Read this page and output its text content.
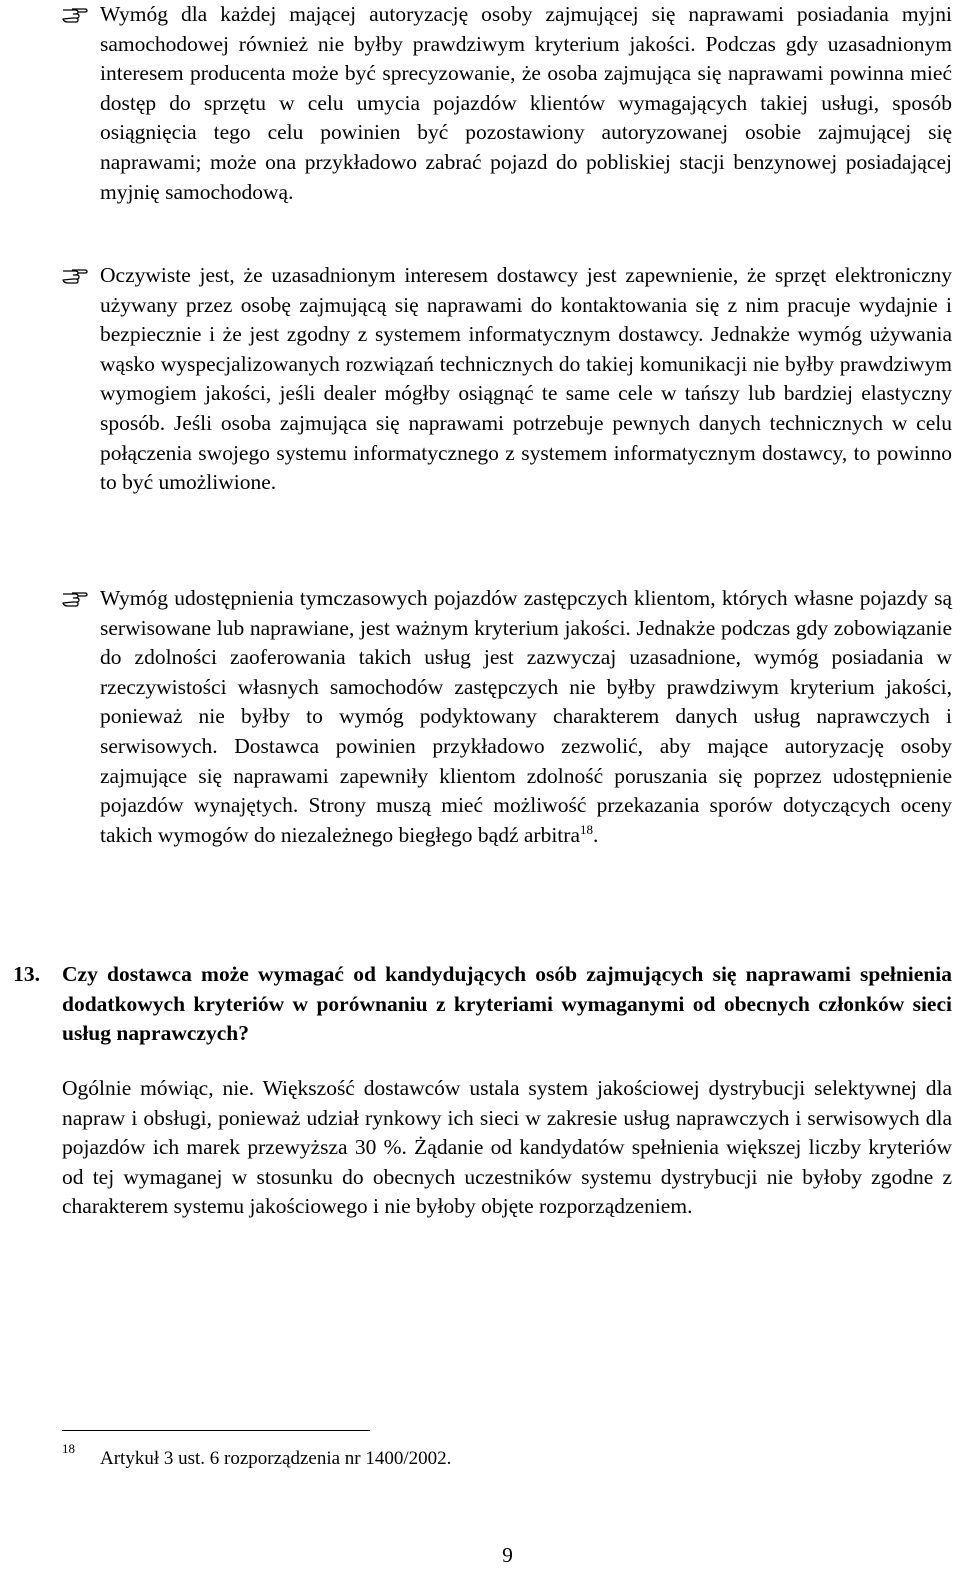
Wymóg dla każdej mającej autoryzację osoby zajmującej się naprawami posiadania myjni samochodowej również nie byłby prawdziwym kryterium jakości. Podczas gdy uzasadnionym interesem producenta może być sprecyzowanie, że osoba zajmująca się naprawami powinna mieć dostęp do sprzętu w celu umycia pojazdów klientów wymagających takiej usługi, sposób osiągnięcia tego celu powinien być pozostawiony autoryzowanej osobie zajmującej się naprawami; może ona przykładowo zabrać pojazd do pobliskiej stacji benzynowej posiadającej myjnię samochodową.
Oczywiste jest, że uzasadnionym interesem dostawcy jest zapewnienie, że sprzęt elektroniczny używany przez osobę zajmującą się naprawami do kontaktowania się z nim pracuje wydajnie i bezpiecznie i że jest zgodny z systemem informatycznym dostawcy. Jednakże wymóg używania wąsko wyspecjalizowanych rozwiązań technicznych do takiej komunikacji nie byłby prawdziwym wymogiem jakości, jeśli dealer mógłby osiągnąć te same cele w tańszy lub bardziej elastyczny sposób. Jeśli osoba zajmująca się naprawami potrzebuje pewnych danych technicznych w celu połączenia swojego systemu informatycznego z systemem informatycznym dostawcy, to powinno to być umożliwione.
Wymóg udostępnienia tymczasowych pojazdów zastępczych klientom, których własne pojazdy są serwisowane lub naprawiane, jest ważnym kryterium jakości. Jednakże podczas gdy zobowiązanie do zdolności zaoferowania takich usług jest zazwyczaj uzasadnione, wymóg posiadania w rzeczywistości własnych samochodów zastępczych nie byłby prawdziwym kryterium jakości, ponieważ nie byłby to wymóg podyktowany charakterem danych usług naprawczych i serwisowych. Dostawca powinien przykładowo zezwolić, aby mające autoryzację osoby zajmujące się naprawami zapewniły klientom zdolność poruszania się poprzez udostępnienie pojazdów wynajętych. Strony muszą mieć możliwość przekazania sporów dotyczących oceny takich wymogów do niezależnego biegłego bądź arbitra$^{18}$.
13. Czy dostawca może wymagać od kandydujących osób zajmujących się naprawami spełnienia dodatkowych kryteriów w porównaniu z kryteriami wymaganymi od obecnych członków sieci usług naprawczych?
Ogólnie mówiąc, nie. Większość dostawców ustala system jakościowej dystrybucji selektywnej dla napraw i obsługi, ponieważ udział rynkowy ich sieci w zakresie usług naprawczych i serwisowych dla pojazdów ich marek przewyższa 30 %. Żądanie od kandydatów spełnienia większej liczby kryteriów od tej wymaganej w stosunku do obecnych uczestników systemu dystrybucji nie byłoby zgodne z charakterem systemu jakościowego i nie byłoby objęte rozporządzeniem.
18 Artykuł 3 ust. 6 rozporządzenia nr 1400/2002.
9
